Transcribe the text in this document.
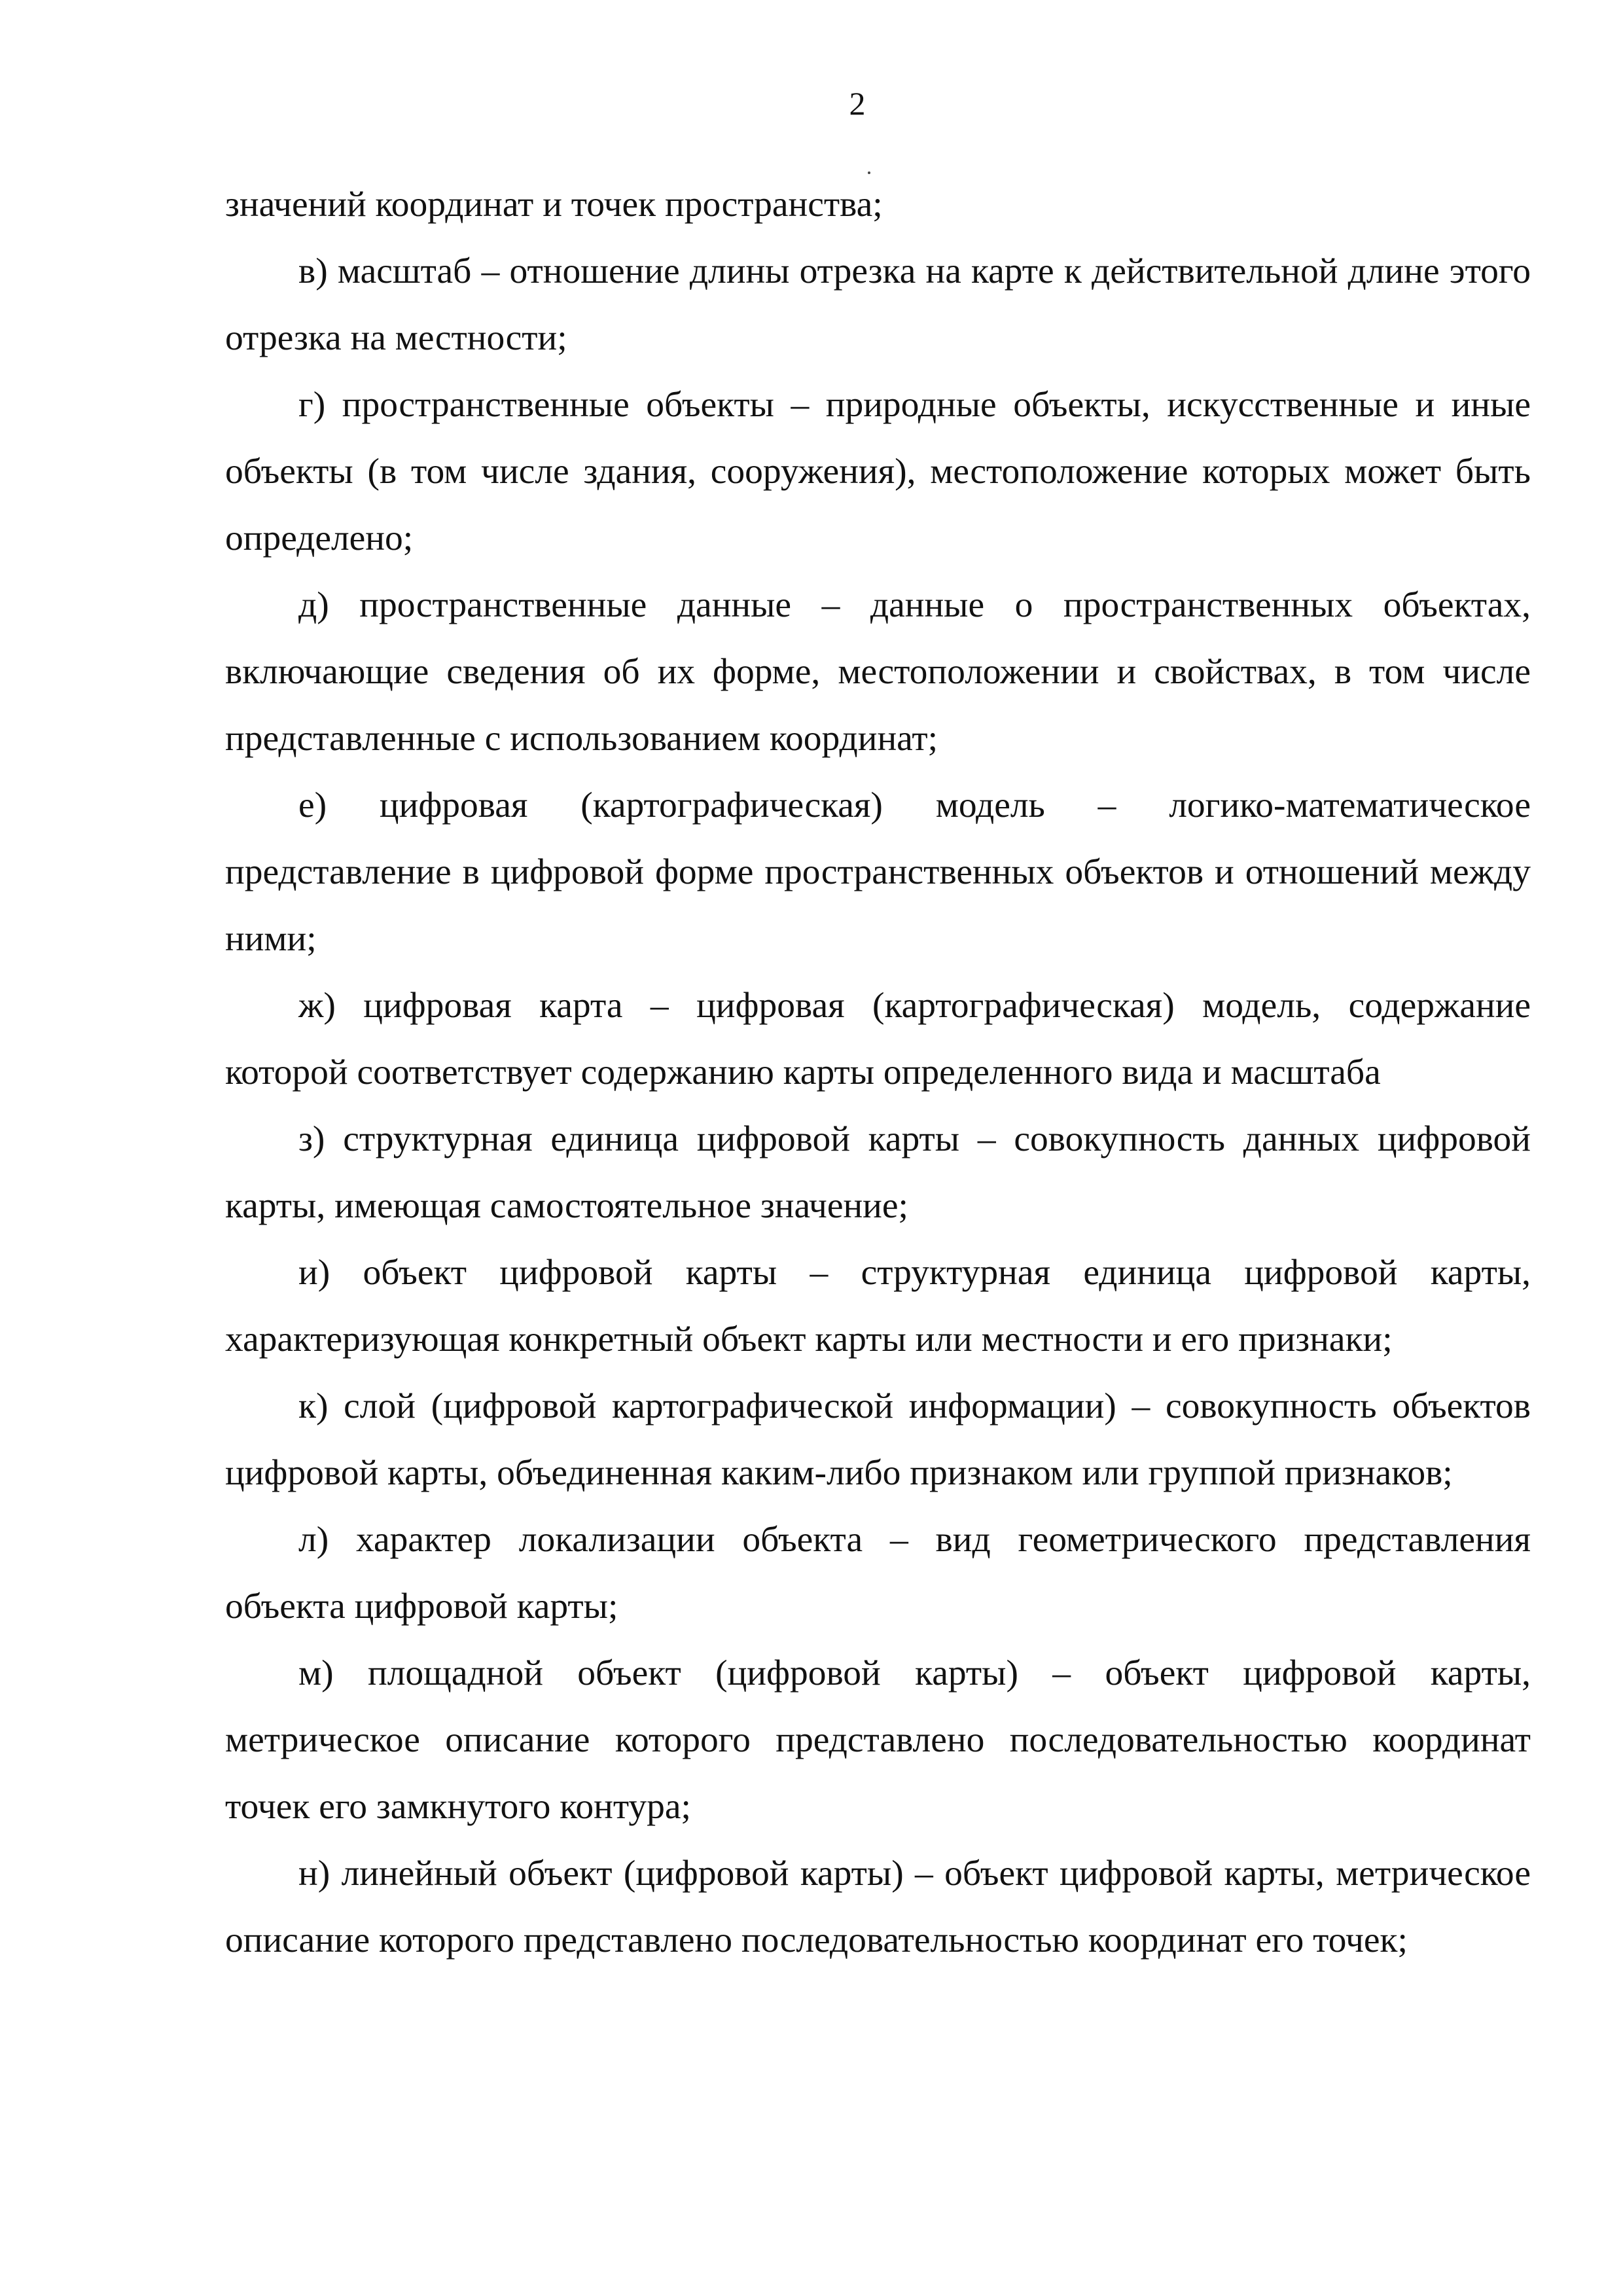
2

значений координат и точек пространства;

в) масштаб – отношение длины отрезка на карте к действительной длине этого отрезка на местности;

г) пространственные объекты – природные объекты, искусственные и иные объекты (в том числе здания, сооружения), местоположение которых может быть определено;

д) пространственные данные – данные о пространственных объектах, включающие сведения об их форме, местоположении и свойствах, в том числе представленные с использованием координат;

е) цифровая (картографическая) модель – логико-математическое представление в цифровой форме пространственных объектов и отношений между ними;

ж) цифровая карта – цифровая (картографическая) модель, содержание которой соответствует содержанию карты определенного вида и масштаба

з) структурная единица цифровой карты – совокупность данных цифровой карты, имеющая самостоятельное значение;

и) объект цифровой карты – структурная единица цифровой карты, характеризующая конкретный объект карты или местности и его признаки;

к) слой (цифровой картографической информации) – совокупность объектов цифровой карты, объединенная каким-либо признаком или группой признаков;

л) характер локализации объекта – вид геометрического представления объекта цифровой карты;

м) площадной объект (цифровой карты) – объект цифровой карты, метрическое описание которого представлено последовательностью координат точек его замкнутого контура;

н) линейный объект (цифровой карты) – объект цифровой карты, метрическое описание которого представлено последовательностью координат его точек;
